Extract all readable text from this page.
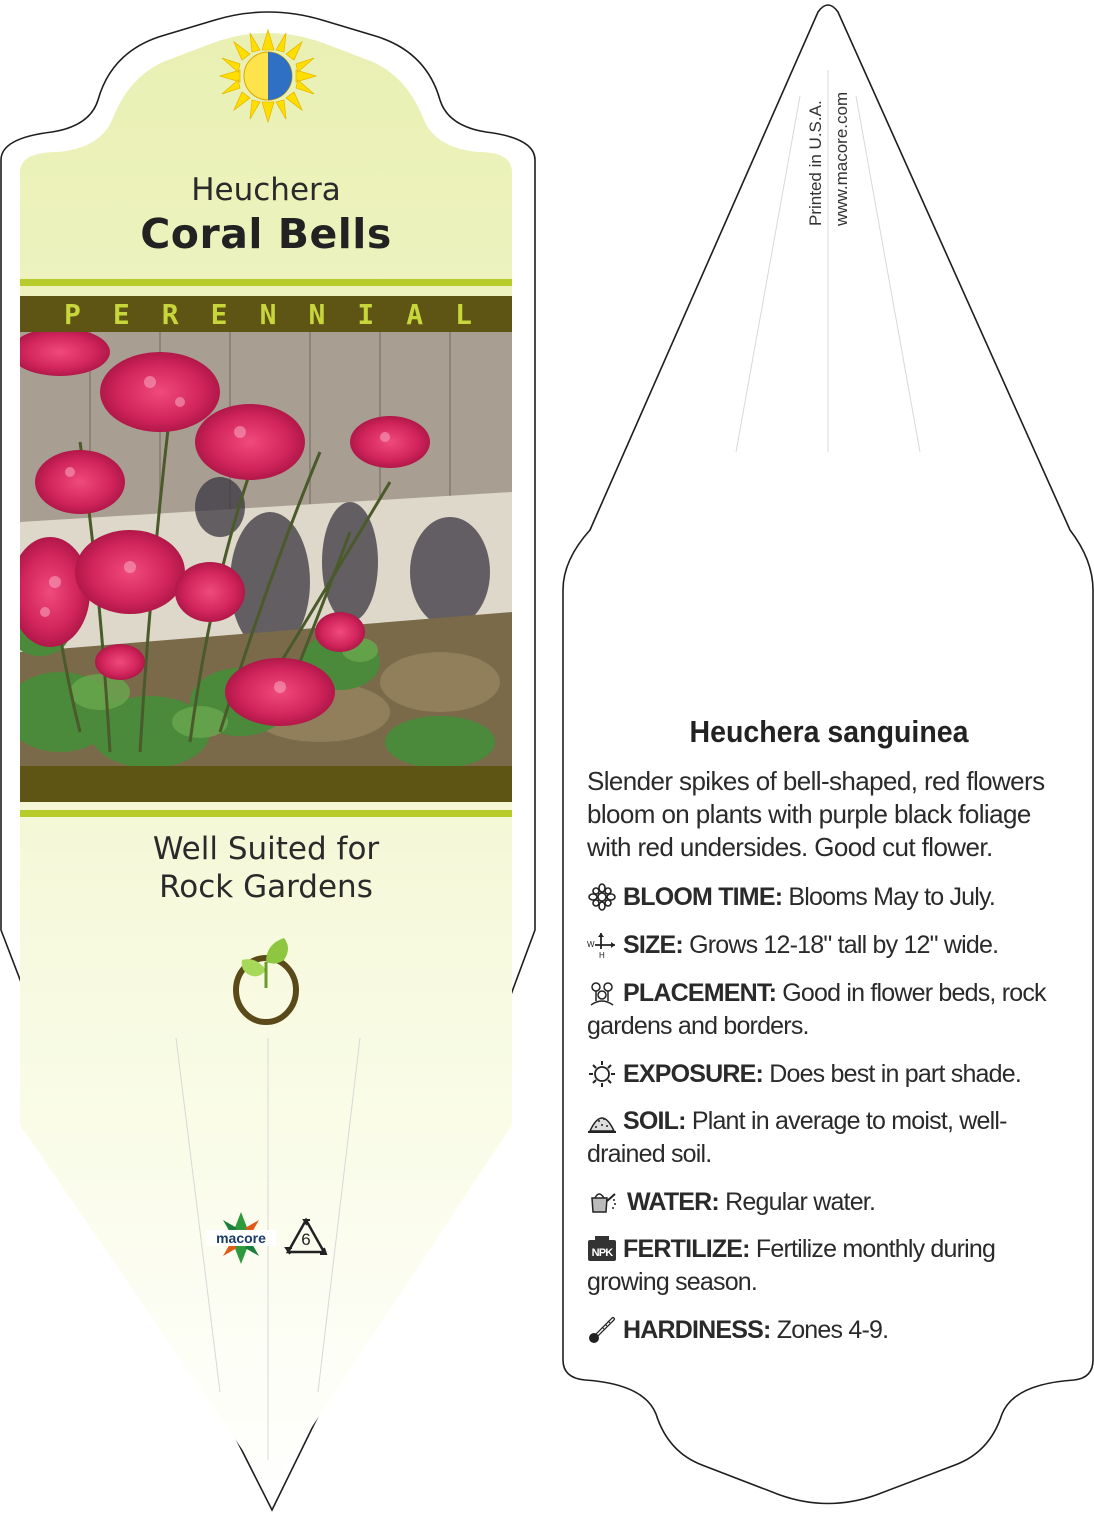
Heuchera
Coral Bells
P E R E N N I A L
Well Suited for
Rock Gardens
macore	6
Printed in U.S.A. www.macore.com
Heuchera sanguinea
Slender spikes of bell-shaped, red flowers bloom on plants with purple black foliage with red undersides. Good cut flower.
BLOOM TIME: Blooms May to July.
W
H SIZE: Grows 12-18" tall by 12" wide.
PLACEMENT: Good in flower beds, rock gardens and borders.
EXPOSURE: Does best in part shade.
SOIL: Plant in average to moist, well-drained soil.
WATER: Regular water.
NPK FERTILIZE: Fertilize monthly during growing season.
HARDINESS: Zones 4-9.
